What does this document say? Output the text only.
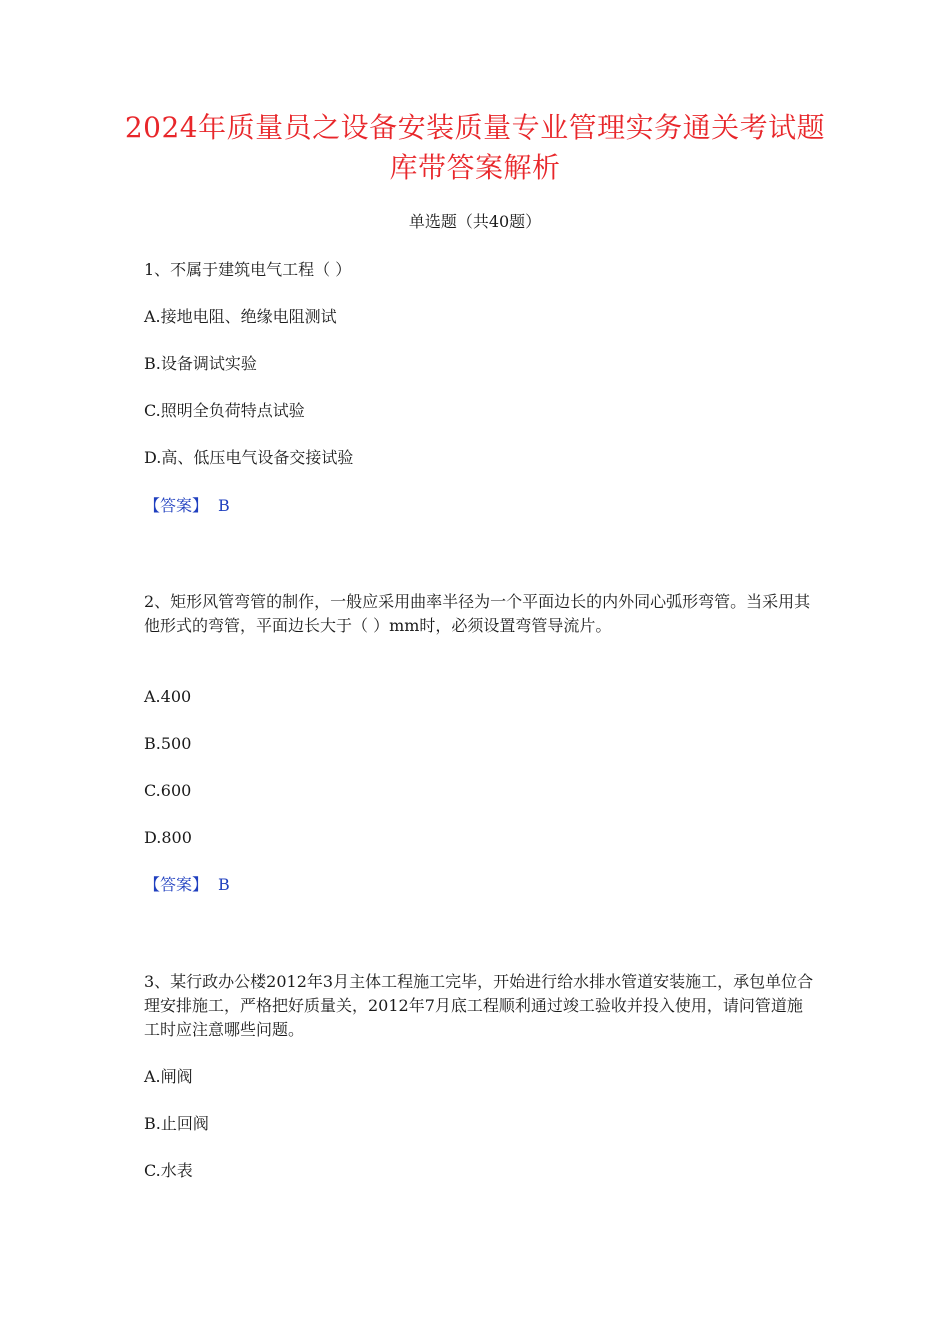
2024年质量员之设备安装质量专业管理实务通关考试题库带答案解析
单选题（共40题）
1、不属于建筑电气工程（ ）
A.接地电阻、绝缘电阻测试
B.设备调试实验
C.照明全负荷特点试验
D.高、低压电气设备交接试验
【答案】 B
2、矩形风管弯管的制作，一般应采用曲率半径为一个平面边长的内外同心弧形弯管。当采用其他形式的弯管，平面边长大于（ ）mm时，必须设置弯管导流片。
A.400
B.500
C.600
D.800
【答案】 B
3、某行政办公楼2012年3月主体工程施工完毕，开始进行给水排水管道安装施工，承包单位合理安排施工，严格把好质量关，2012年7月底工程顺利通过竣工验收并投入使用，请问管道施工时应注意哪些问题。
A.闸阀
B.止回阀
C.水表
